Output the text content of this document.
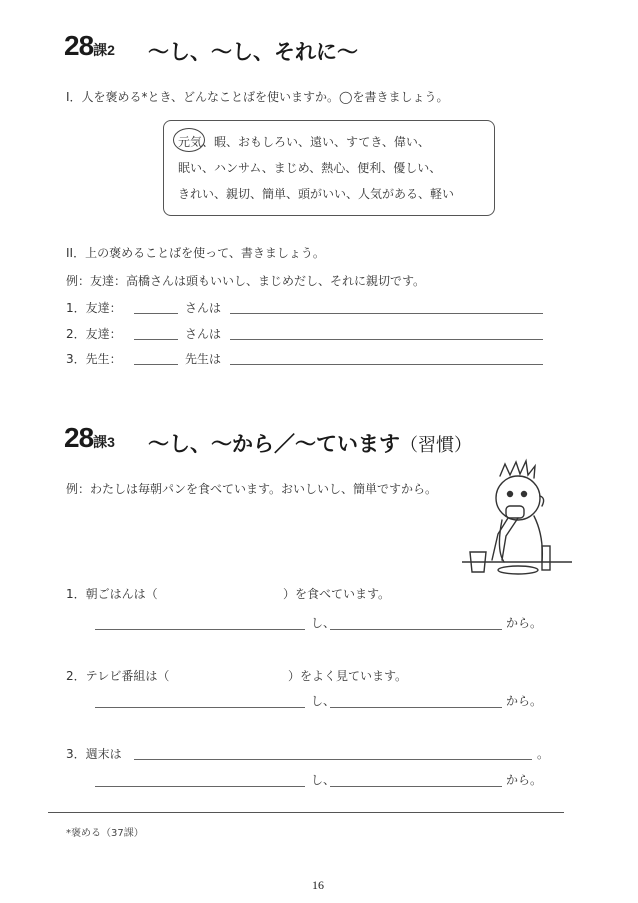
28課2 〜し、〜し、それに〜
I．人を褒める*とき、どんなことばを使いますか。◯を書きましょう。
元気、暇、おもしろい、遠い、すてき、偉い、
眠い、ハンサム、まじめ、熱心、便利、優しい、
きれい、親切、簡単、頭がいい、人気がある、軽い
II．上の褒めることばを使って、書きましょう。
例：友達：高橋さんは頭もいいし、まじめだし、それに親切です。
1．友達：	さんは
2．友達：	さんは
3．先生：	先生は
28課3 〜し、〜から／〜ています（習慣）
例：わたしは毎朝パンを食べています。おいしいし、簡単ですから。
1．朝ごはんは（	）を食べています。
し、	から。
2．テレビ番組は（	）をよく見ています。
し、	から。
3．週末は	。
し、	から。
*褒める（37課）
16
